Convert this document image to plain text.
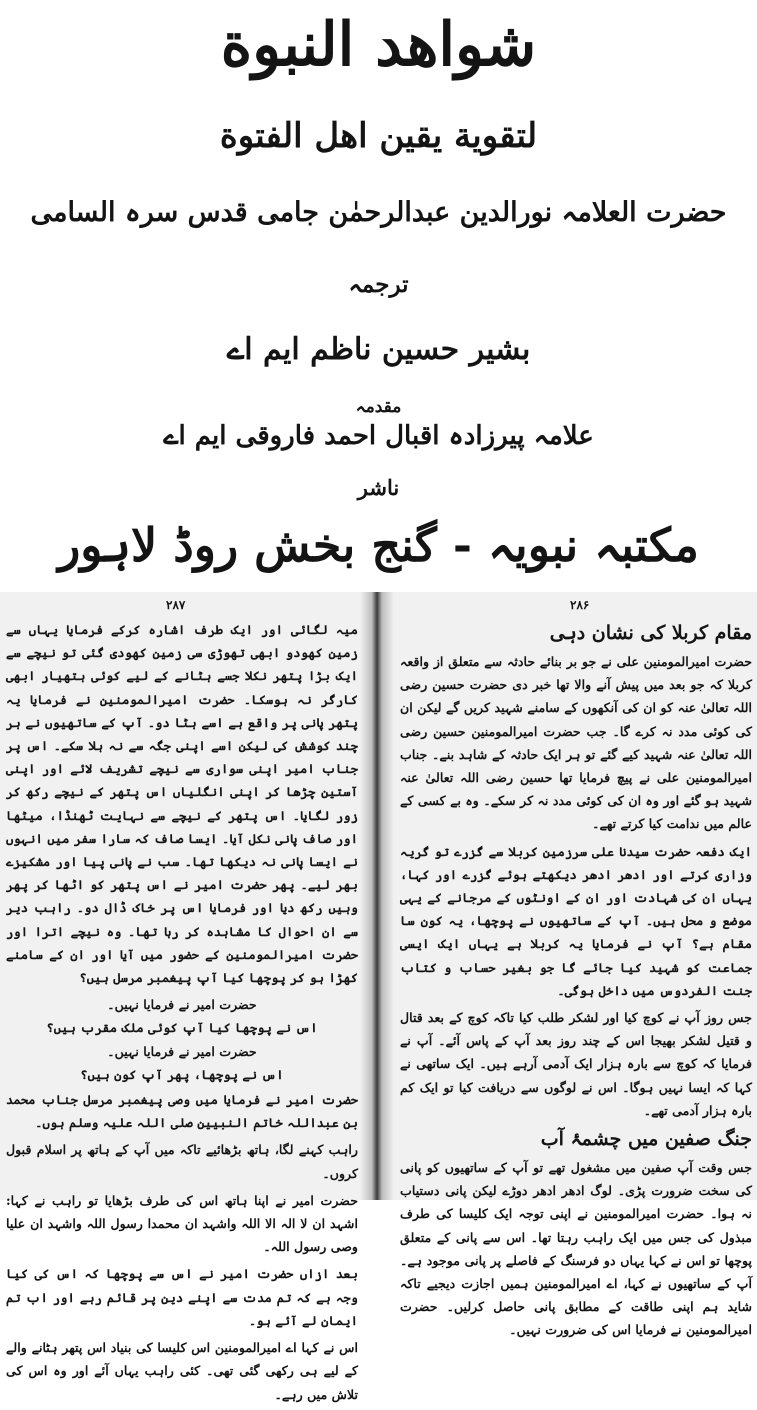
شواهد النبوة
لتقوية يقين اهل الفتوة
حضرت العلامہ نورالدین عبدالرحمٰن جامی قدس سرہ السامی
ترجمہ
بشیر حسین ناظم ایم اے
مقدمہ
علامہ پیرزادہ اقبال احمد فاروقی ایم اے
ناشر
مکتبہ نبویہ - گنج بخش روڈ لاہور
۲۸۷

میہ لگائی اور ایک طرف اشارہ کرکے فرمایا یہاں سے زمین کھودو ابھی تھوڑی سی زمین کھودی گئی تو نیچے سے ایک بڑا پتھر نکلا جسے ہٹانے کے لیے کوئی ہتھیار ابھی کارگر نہ ہوسکا۔ حضرت امیرالمومنین نے فرمایا یہ پتھر پانی پر واقع ہے اسے ہٹا دو۔ آپ کے ساتھیوں نے ہر چند کوشش کی لیکن اسے اپنی جگہ سے نہ ہلا سکے۔ اس پر جناب امیر اپنی سواری سے نیچے تشریف لائے اور اپنی آستین چڑھا کر اپنی انگلیاں اس پتھر کے نیچے رکھ کر زور لگایا۔ اس پتھر کے نیچے سے نہایت ٹھنڈا، میٹھا اور صاف پانی نکل آیا۔ ایسا صاف کہ سارا سفر میں انہوں نے ایسا پانی نہ دیکھا تھا۔ سب نے پانی پیا اور مشکیزے بھر لیے۔ پھر حضرت امیر نے اس پتھر کو اٹھا کر پھر وہیں رکھ دیا اور فرمایا اس پر خاک ڈال دو۔ راہب دیر سے ان احوال کا مشاہدہ کر رہا تھا۔ وہ نیچے اترا اور حضرت امیرالمومنین کے حضور میں آیا اور ان کے سامنے کھڑا ہو کر پوچھا کیا آپ پیغمبر مرسل ہیں؟

حضرت امیر نے فرمایا نہیں۔
اس نے پوچھا کیا آپ کوئی ملک مقرب ہیں؟
حضرت امیر نے فرمایا نہیں۔
اس نے پوچھا، پھر آپ کون ہیں؟

حضرت امیر نے فرمایا میں وصی پیغمبر مرسل جناب محمد بن عبداللہ خاتم النبیین صلی اللہ علیہ وسلم ہوں۔

راہب کہنے لگا، ہاتھ بڑھائیے تاکہ میں آپ کے ہاتھ پر اسلام قبول کروں۔

حضرت امیر نے اپنا ہاتھ اس کی طرف بڑھایا تو راہب نے کہا: اشہد ان لا الہ الا اللہ واشہد ان محمدا رسول اللہ واشہد ان علیا وصی رسول اللہ۔

بعد ازاں حضرت امیر نے اس سے پوچھا کہ اس کی کیا وجہ ہے کہ تم مدت سے اپنے دین پر قائم رہے اور اب تم ایمان لے آئے ہو۔

اس نے کہا اے امیرالمومنین اس کلیسا کی بنیاد اس پتھر ہٹانے والے کے لیے ہی رکھی گئی تھی۔ کئی راہب یہاں آئے اور وہ اس کی تلاش میں رہے۔

۲۸۶
مقام کربلا کی نشان دہی

حضرت امیرالمومنین علی نے جو بر بنائے حادثہ سے متعلق از واقعہ کربلا کہ جو بعد میں پیش آنے والا تھا خبر دی حضرت حسین رضی اللہ تعالیٰ عنہ کو ان کی آنکھوں کے سامنے شہید کریں گے لیکن ان کی کوئی مدد نہ کرے گا۔ جب حضرت امیرالمومنین حسین رضی اللہ تعالیٰ عنہ شہید کیے گئے تو ہر ایک حادثہ کے شاہد بنے۔ جناب امیرالمومنین علی نے پیچ فرمایا تھا حسین رضی اللہ تعالیٰ عنہ شہید ہو گئے اور وہ ان کی کوئی مدد نہ کر سکے۔ وہ بے کسی کے عالم میں ندامت کیا کرتے تھے۔

ایک دفعہ حضرت سیدنا علی سرزمین کربلا سے گزرے تو گریہ وزاری کرتے اور ادھر ادھر دیکھتے ہوئے گزرے اور کہا، یہاں ان کی شہادت اور ان کے اونٹوں کے مرجانے کے یہی موضع و محل ہیں۔ آپ کے ساتھیوں نے پوچھا، یہ کون سا مقام ہے؟ آپ نے فرمایا یہ کربلا ہے یہاں ایک ایسی جماعت کو شہید کیا جائے گا جو بغیر حساب و کتاب جنت الفردوس میں داخل ہوگی۔

جس روز آپ نے کوچ کیا اور لشکر طلب کیا تاکہ کوچ کے بعد قتال و قتیل لشکر بھیجا اس کے چند روز بعد آپ کے پاس آئے۔ آپ نے فرمایا کہ کوچ سے بارہ ہزار ایک آدمی آرہے ہیں۔ ایک ساتھی نے کہا کہ ایسا نہیں ہوگا۔ اس نے لوگوں سے دریافت کیا تو ایک کم بارہ ہزار آدمی تھے۔

جنگ صفین میں چشمۂ آب

جس وقت آپ صفین میں مشغول تھے تو آپ کے ساتھیوں کو پانی کی سخت ضرورت پڑی۔ لوگ ادھر ادھر دوڑے لیکن پانی دستیاب نہ ہوا۔ حضرت امیرالمومنین نے اپنی توجہ ایک کلیسا کی طرف مبذول کی جس میں ایک راہب رہتا تھا۔ اس سے پانی کے متعلق پوچھا تو اس نے کہا یہاں دو فرسنگ کے فاصلے پر پانی موجود ہے۔ آپ کے ساتھیوں نے کہا، اے امیرالمومنین ہمیں اجازت دیجیے تاکہ شاید ہم اپنی طاقت کے مطابق پانی حاصل کرلیں۔ حضرت امیرالمومنین نے فرمایا اس کی ضرورت نہیں۔
